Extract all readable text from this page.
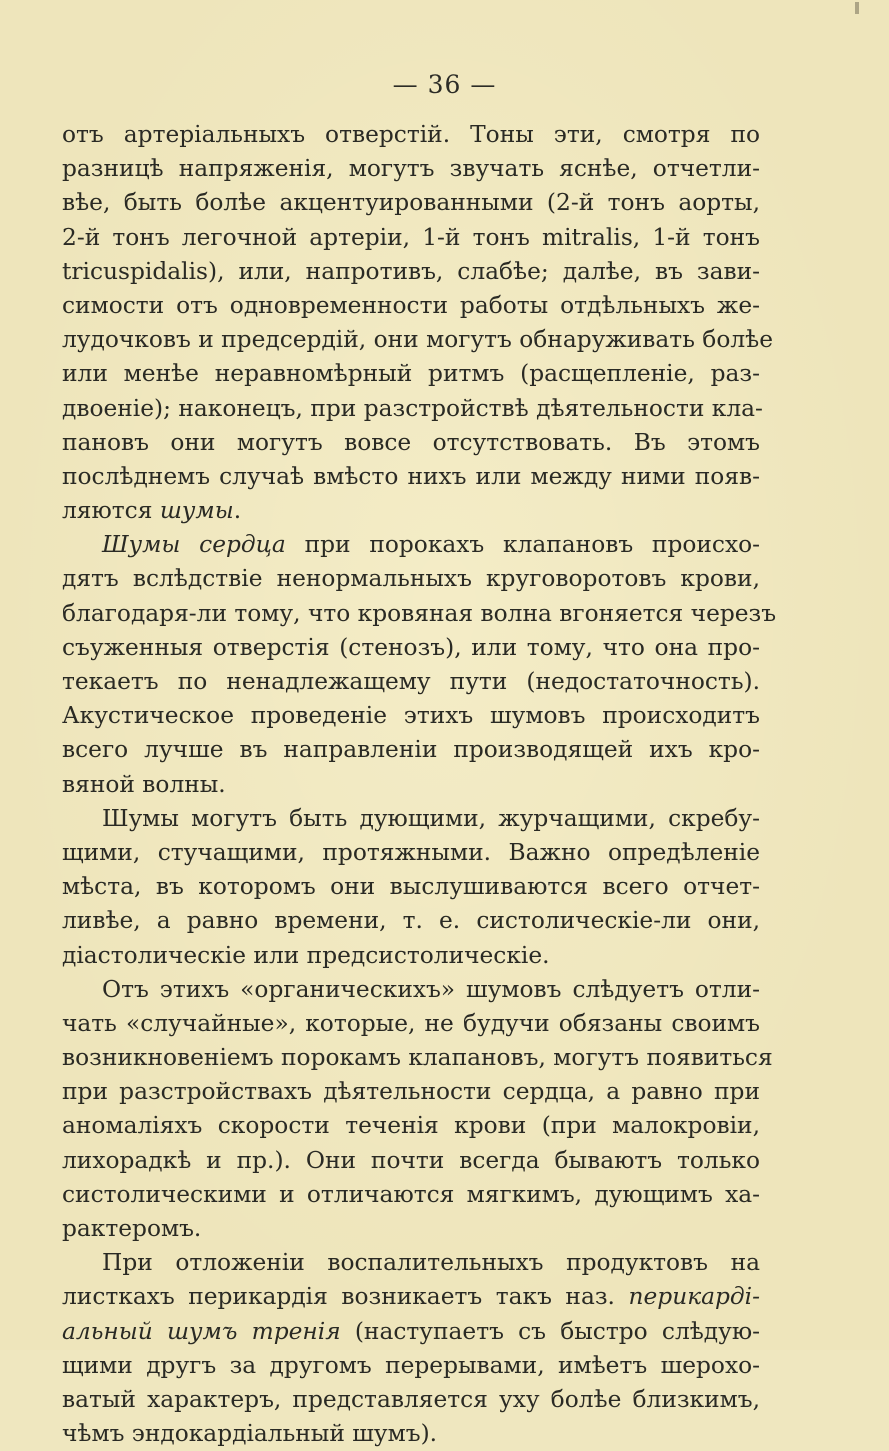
— 36 —
отъ артеріальныхъ отверстій. Тоны эти, смотря по
разницѣ напряженія, могутъ звучать яснѣе, отчетли-
вѣе, быть болѣе акцентуированными (2-й тонъ аорты,
2-й тонъ легочной артеріи, 1-й тонъ mitralis, 1-й тонъ
tricuspidalis), или, напротивъ, слабѣе; далѣе, въ зави-
симости отъ одновременности работы отдѣльныхъ же-
лудочковъ и предсердій, они могутъ обнаруживать болѣе
или менѣе неравномѣрный ритмъ (расщепленіе, раз-
двоеніе); наконецъ, при разстройствѣ дѣятельности кла-
пановъ они могутъ вовсе отсутствовать. Въ этомъ
послѣднемъ случаѣ вмѣсто нихъ или между ними появ-
ляются шумы.
Шумы сердца при порокахъ клапановъ происхо-
дятъ вслѣдствіе ненормальныхъ круговоротовъ крови,
благодаря-ли тому, что кровяная волна вгоняется черезъ
съуженныя отверстія (стенозъ), или тому, что она про-
текаетъ по ненадлежащему пути (недостаточность).
Акустическое проведеніе этихъ шумовъ происходитъ
всего лучше въ направленіи производящей ихъ кро-
вяной волны.
Шумы могутъ быть дующими, журчащими, скребу-
щими, стучащими, протяжными. Важно опредѣленіе
мѣста, въ которомъ они выслушиваются всего отчет-
ливѣе, а равно времени, т. е. систолическіе-ли они,
діастолическіе или предсистолическіе.
Отъ этихъ «органическихъ» шумовъ слѣдуетъ отли-
чать «случайные», которые, не будучи обязаны своимъ
возникновеніемъ порокамъ клапановъ, могутъ появиться
при разстройствахъ дѣятельности сердца, а равно при
аномаліяхъ скорости теченія крови (при малокровіи,
лихорадкѣ и пр.). Они почти всегда бываютъ только
систолическими и отличаются мягкимъ, дующимъ ха-
рактеромъ.
При отложеніи воспалительныхъ продуктовъ на
листкахъ перикардія возникаетъ такъ наз. перикарді-
альный шумъ тренія (наступаетъ съ быстро слѣдую-
щими другъ за другомъ перерывами, имѣетъ шерохо-
ватый характеръ, представляется уху болѣе близкимъ,
чѣмъ эндокардіальный шумъ).
